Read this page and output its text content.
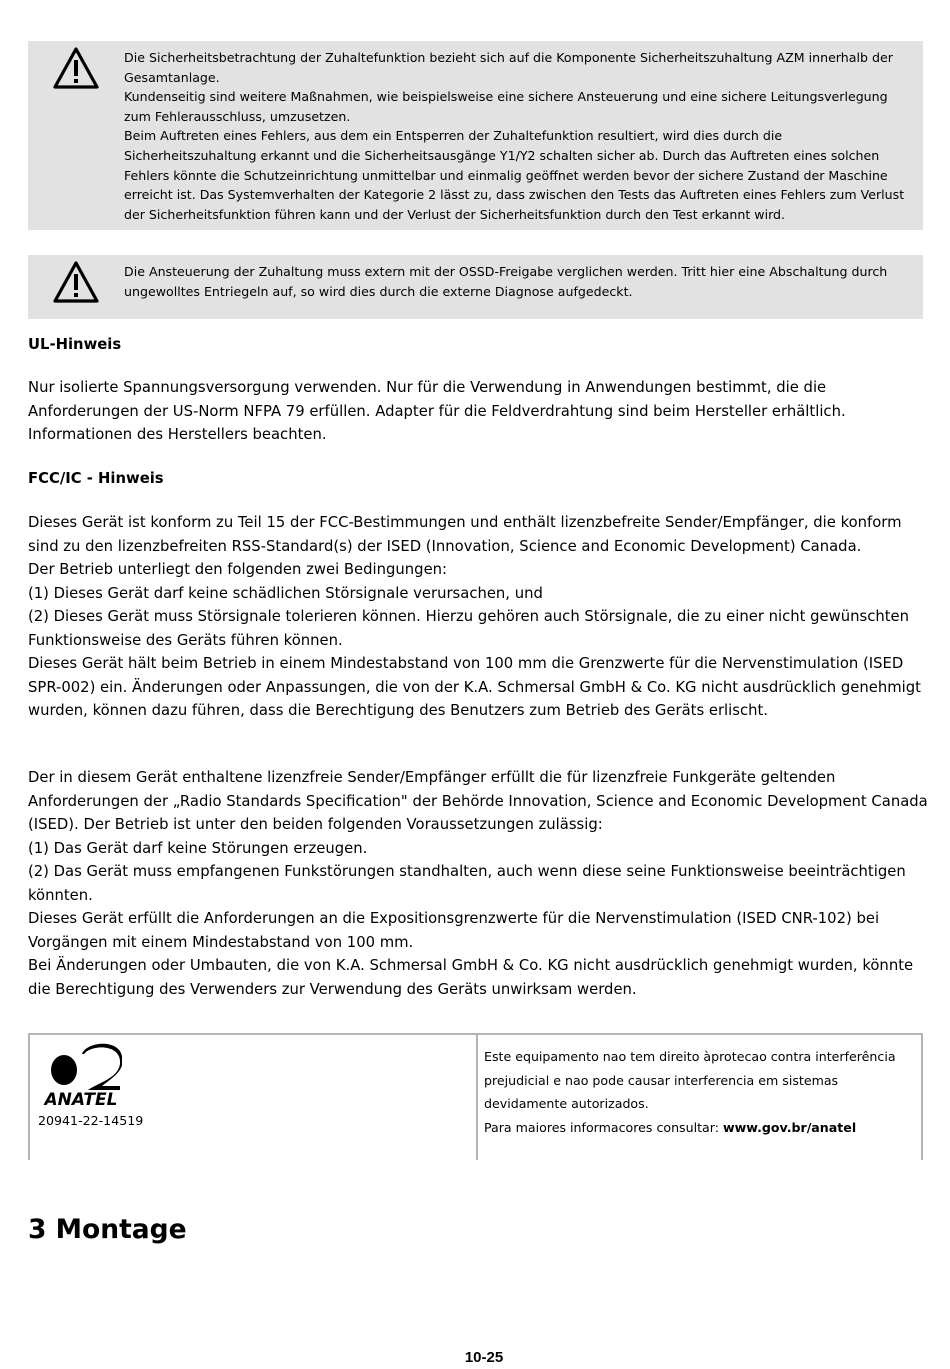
Die Sicherheitsbetrachtung der Zuhaltefunktion bezieht sich auf die Komponente Sicherheitszuhaltung AZM innerhalb der Gesamtanlage.

Kundenseitig sind weitere Maßnahmen, wie beispielsweise eine sichere Ansteuerung und eine sichere Leitungsverlegung zum Fehlerausschluss, umzusetzen.

Beim Auftreten eines Fehlers, aus dem ein Entsperren der Zuhaltefunktion resultiert, wird dies durch die Sicherheitszuhaltung erkannt und die Sicherheitsausgänge Y1/Y2 schalten sicher ab. Durch das Auftreten eines solchen Fehlers könnte die Schutzeinrichtung unmittelbar und einmalig geöffnet werden bevor der sichere Zustand der Maschine erreicht ist. Das Systemverhalten der Kategorie 2 lässt zu, dass zwischen den Tests das Auftreten eines Fehlers zum Verlust der Sicherheitsfunktion führen kann und der Verlust der Sicherheitsfunktion durch den Test erkannt wird.

Die Ansteuerung der Zuhaltung muss extern mit der OSSD-Freigabe verglichen werden. Tritt hier eine Abschaltung durch ungewolltes Entriegeln auf, so wird dies durch die externe Diagnose aufgedeckt.

UL-Hinweis

Nur isolierte Spannungsversorgung verwenden. Nur für die Verwendung in Anwendungen bestimmt, die die Anforderungen der US-Norm NFPA 79 erfüllen. Adapter für die Feldverdrahtung sind beim Hersteller erhältlich. Informationen des Herstellers beachten.

FCC/IC - Hinweis

Dieses Gerät ist konform zu Teil 15 der FCC-Bestimmungen und enthält lizenzbefreite Sender/Empfänger, die konform sind zu den lizenzbefreiten RSS-Standard(s) der ISED (Innovation, Science and Economic Development) Canada.

Der Betrieb unterliegt den folgenden zwei Bedingungen:

(1) Dieses Gerät darf keine schädlichen Störsignale verursachen, und

(2) Dieses Gerät muss Störsignale tolerieren können. Hierzu gehören auch Störsignale, die zu einer nicht gewünschten Funktionsweise des Geräts führen können.

Dieses Gerät hält beim Betrieb in einem Mindestabstand von 100 mm die Grenzwerte für die Nervenstimulation (ISED SPR-002) ein. Änderungen oder Anpassungen, die von der K.A. Schmersal GmbH & Co. KG nicht ausdrücklich genehmigt wurden, können dazu führen, dass die Berechtigung des Benutzers zum Betrieb des Geräts erlischt.

Der in diesem Gerät enthaltene lizenzfreie Sender/Empfänger erfüllt die für lizenzfreie Funkgeräte geltenden Anforderungen der „Radio Standards Specification" der Behörde Innovation, Science and Economic Development Canada (ISED). Der Betrieb ist unter den beiden folgenden Voraussetzungen zulässig:

(1) Das Gerät darf keine Störungen erzeugen.

(2) Das Gerät muss empfangenen Funkstörungen standhalten, auch wenn diese seine Funktionsweise beeinträchtigen könnten.

Dieses Gerät erfüllt die Anforderungen an die Expositionsgrenzwerte für die Nervenstimulation (ISED CNR-102) bei Vorgängen mit einem Mindestabstand von 100 mm.

Bei Änderungen oder Umbauten, die von K.A. Schmersal GmbH & Co. KG nicht ausdrücklich genehmigt wurden, könnte die Berechtigung des Verwenders zur Verwendung des Geräts unwirksam werden.

ANATEL
20941-22-14519

Este equipamento nao tem direito àprotecao contra interferência

prejudicial e nao pode causar interferencia em sistemas

devidamente autorizados.

Para maiores informacores consultar: www.gov.br/anatel

3 Montage
10-25
